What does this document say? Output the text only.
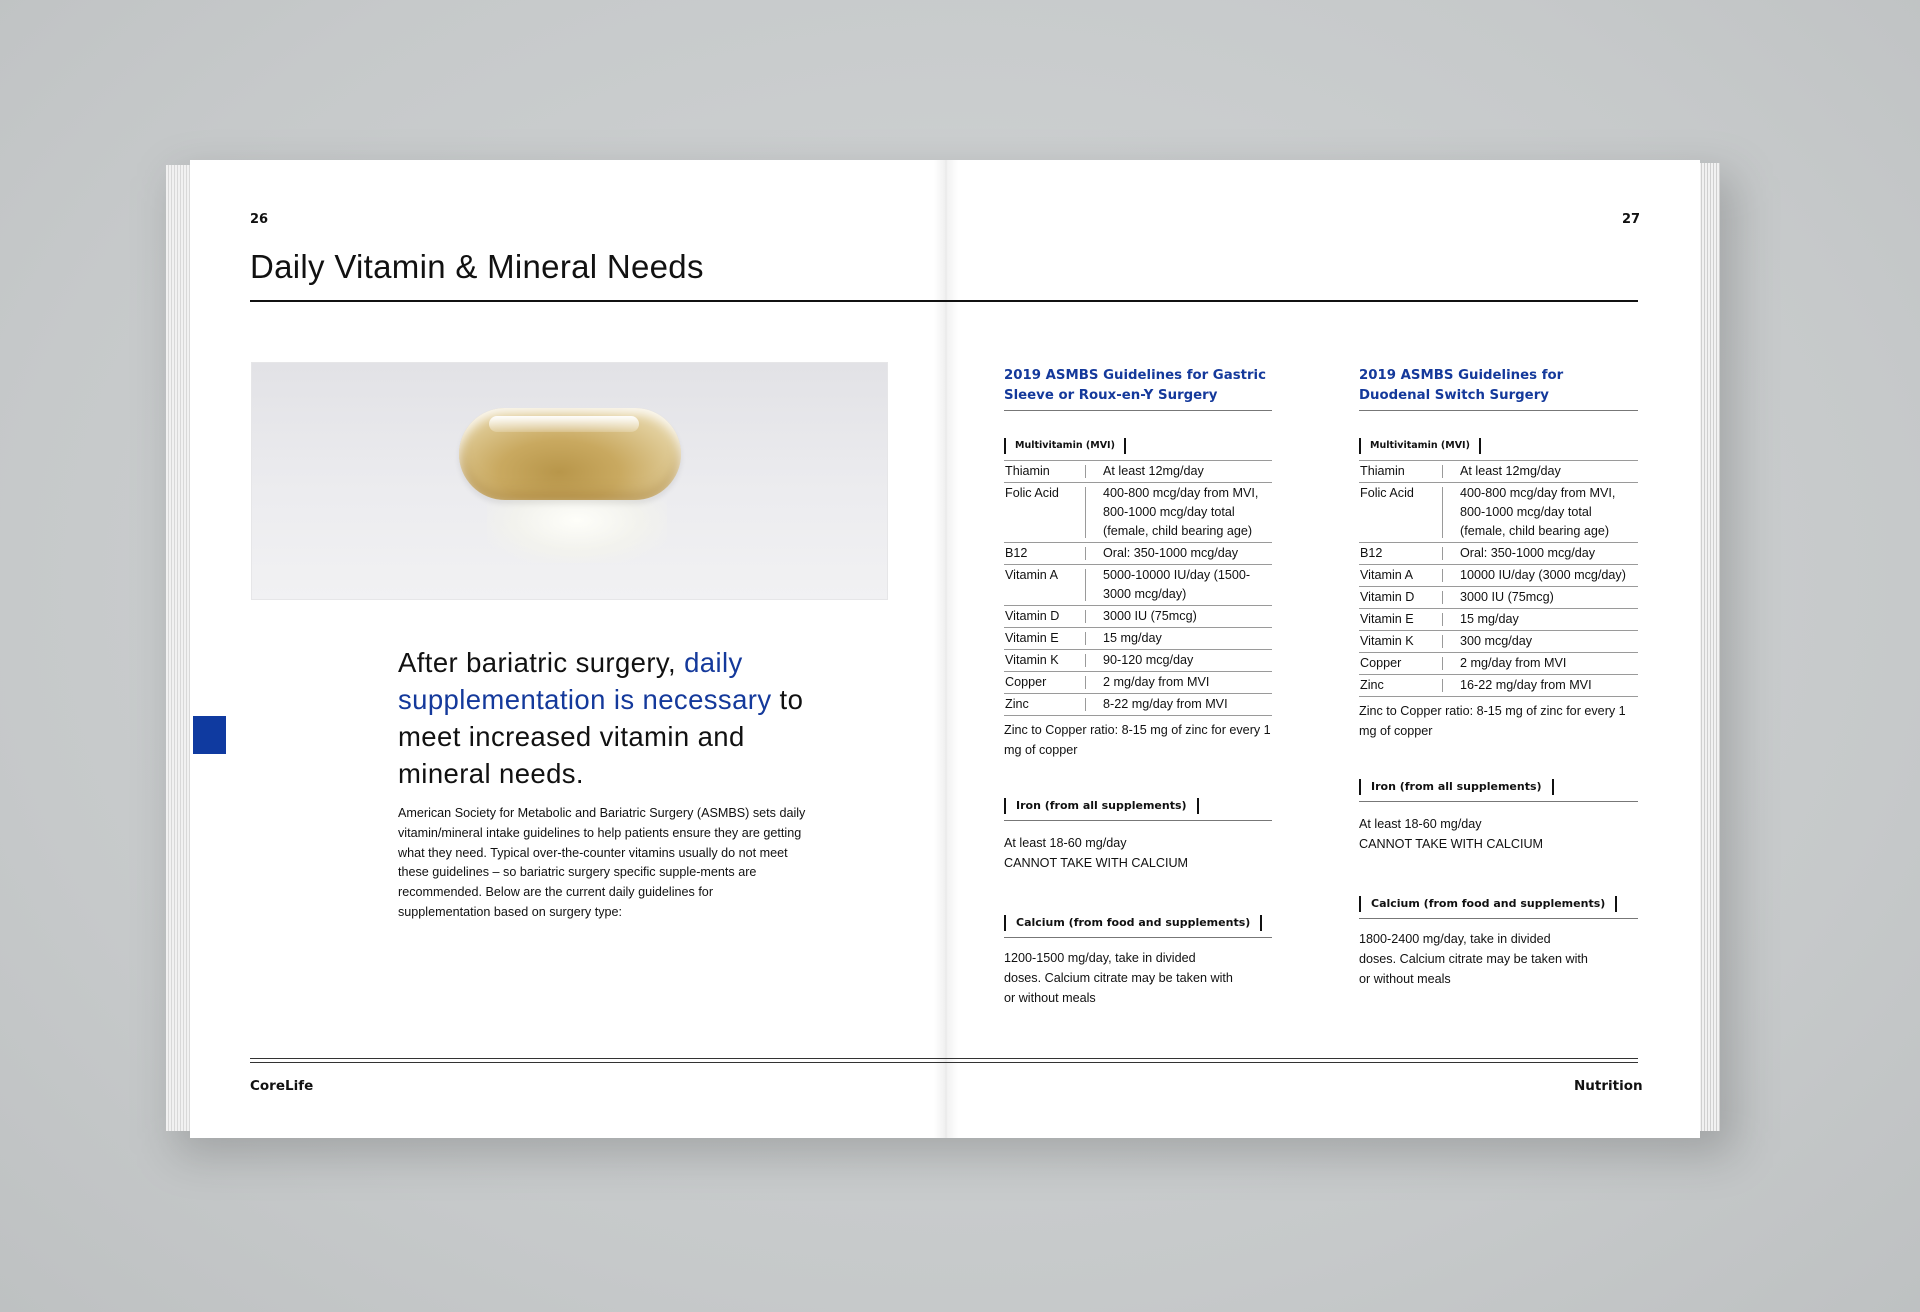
26	27
Daily Vitamin & Mineral Needs
After bariatric surgery, daily supplementation is necessary to meet increased vitamin and mineral needs.
American Society for Metabolic and Bariatric Surgery (ASMBS) sets daily vitamin/mineral intake guidelines to help patients ensure they are getting what they need. Typical over-the-counter vitamins usually do not meet these guidelines – so bariatric surgery specific supple-ments are recommended. Below are the current daily guidelines for supplementation based on surgery type:
2019 ASMBS Guidelines for Gastric Sleeve or Roux-en-Y Surgery
Multivitamin (MVI)
Thiamin	At least 12mg/day
Folic Acid	400-800 mcg/day from MVI, 800-1000 mcg/day total (female, child bearing age)
B12	Oral: 350-1000 mcg/day
Vitamin A	5000-10000 IU/day (1500-3000 mcg/day)
Vitamin D	3000 IU (75mcg)
Vitamin E	15 mg/day
Vitamin K	90-120 mcg/day
Copper	2 mg/day from MVI
Zinc	8-22 mg/day from MVI
Zinc to Copper ratio: 8-15 mg of zinc for every 1 mg of copper
Iron (from all supplements)
At least 18-60 mg/day
CANNOT TAKE WITH CALCIUM
Calcium (from food and supplements)
1200-1500 mg/day, take in divided doses. Calcium citrate may be taken with or without meals
2019 ASMBS Guidelines for Duodenal Switch Surgery
Multivitamin (MVI)
Thiamin	At least 12mg/day
Folic Acid	400-800 mcg/day from MVI, 800-1000 mcg/day total (female, child bearing age)
B12	Oral: 350-1000 mcg/day
Vitamin A	10000 IU/day (3000 mcg/day)
Vitamin D	3000 IU (75mcg)
Vitamin E	15 mg/day
Vitamin K	300 mcg/day
Copper	2 mg/day from MVI
Zinc	16-22 mg/day from MVI
Zinc to Copper ratio: 8-15 mg of zinc for every 1 mg of copper
Iron (from all supplements)
At least 18-60 mg/day
CANNOT TAKE WITH CALCIUM
Calcium (from food and supplements)
1800-2400 mg/day, take in divided doses. Calcium citrate may be taken with or without meals
CoreLife	Nutrition
